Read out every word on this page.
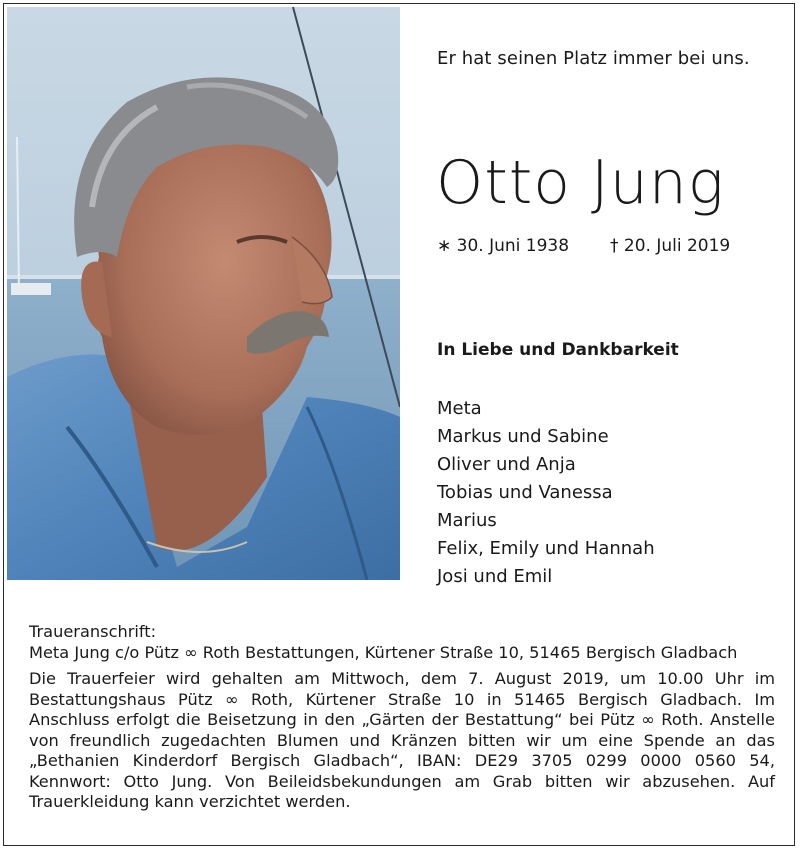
Er hat seinen Platz immer bei uns.
Otto Jung
∗ 30. Juni 1938 † 20. Juli 2019
In Liebe und Dankbarkeit
Meta
Markus und Sabine
Oliver und Anja
Tobias und Vanessa
Marius
Felix, Emily und Hannah
Josi und Emil

Traueranschrift:

Meta Jung c/o Pütz ∞ Roth Bestattungen, Kürtener Straße 10, 51465 Bergisch Gladbach

Die Trauerfeier wird gehalten am Mittwoch, dem 7. August 2019, um 10.00 Uhr im Bestattungshaus Pütz ∞ Roth, Kürtener Straße 10 in 51465 Bergisch Gladbach. Im Anschluss erfolgt die Beisetzung in den „Gärten der Bestattung“ bei Pütz ∞ Roth. Anstelle von freundlich zugedachten Blumen und Kränzen bitten wir um eine Spende an das „Bethanien Kinderdorf Bergisch Gladbach“, IBAN: DE29 3705 0299 0000 0560 54, Kennwort: Otto Jung. Von Beileidsbekundungen am Grab bitten wir abzusehen. Auf Trauerkleidung kann verzichtet werden.
